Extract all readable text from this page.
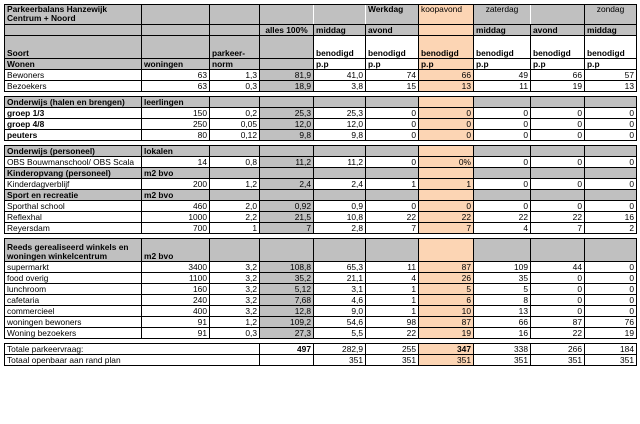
Parkeerbalans Hanzewijk
Centrum + Noord					Werkdag	koopavond	zaterdag		zondag
			alles 100%	middag	avond		middag	avond	middag
Soort		parkeer-		benodigd	benodigd	benodigd	benodigd	benodigd	benodigd
Wonen	woningen	norm		p.p	p.p	p.p	p.p	p.p	p.p
Bewoners	63	1,3	81,9	41,0	74	66	49	66	57
Bezoekers	63	0,3	18,9	3,8	15	13	11	19	13

Onderwijs (halen en brengen)	leerlingen								
groep 1/3	150	0,2	25,3	25,3	0	0	0	0	0
groep 4/8	250	0,05	12,0	12,0	0	0	0	0	0
peuters	80	0,12	9,8	9,8	0	0	0	0	0

Onderwijs (personeel)	lokalen								
OBS Bouwmanschool/ OBS Scala	14	0,8	11,2	11,2	0	0%	0	0	0
Kinderopvang (personeel)	m2 bvo								
Kinderdagverblijf	200	1,2	2,4	2,4	1	1	0	0	0
Sport en recreatie	m2 bvo								
Sporthal school	460	2,0	0,92	0,9	0	0	0	0	0
Reflexhal	1000	2,2	21,5	10,8	22	22	22	22	16
Reyersdam	700	1	7	2,8	7	7	4	7	2

Reeds gerealiseerd winkels en woningen winkelcentrum	m2 bvo								
supermarkt	3400	3,2	108,8	65,3	11	87	109	44	0
food overig	1100	3,2	35,2	21,1	4	26	35	0	0
lunchroom	160	3,2	5,12	3,1	1	5	5	0	0
cafetaria	240	3,2	7,68	4,6	1	6	8	0	0
commercieel	400	3,2	12,8	9,0	1	10	13	0	0
woningen bewoners	91	1,2	109,2	54,6	98	87	66	87	76
Woning bezoekers	91	0,3	27,3	5,5	22	19	16	22	19

Totale parkeervraag:			497	282,9	255	347	338	266	184
Totaal openbaar aan rand plan				351	351	351	351	351	351
